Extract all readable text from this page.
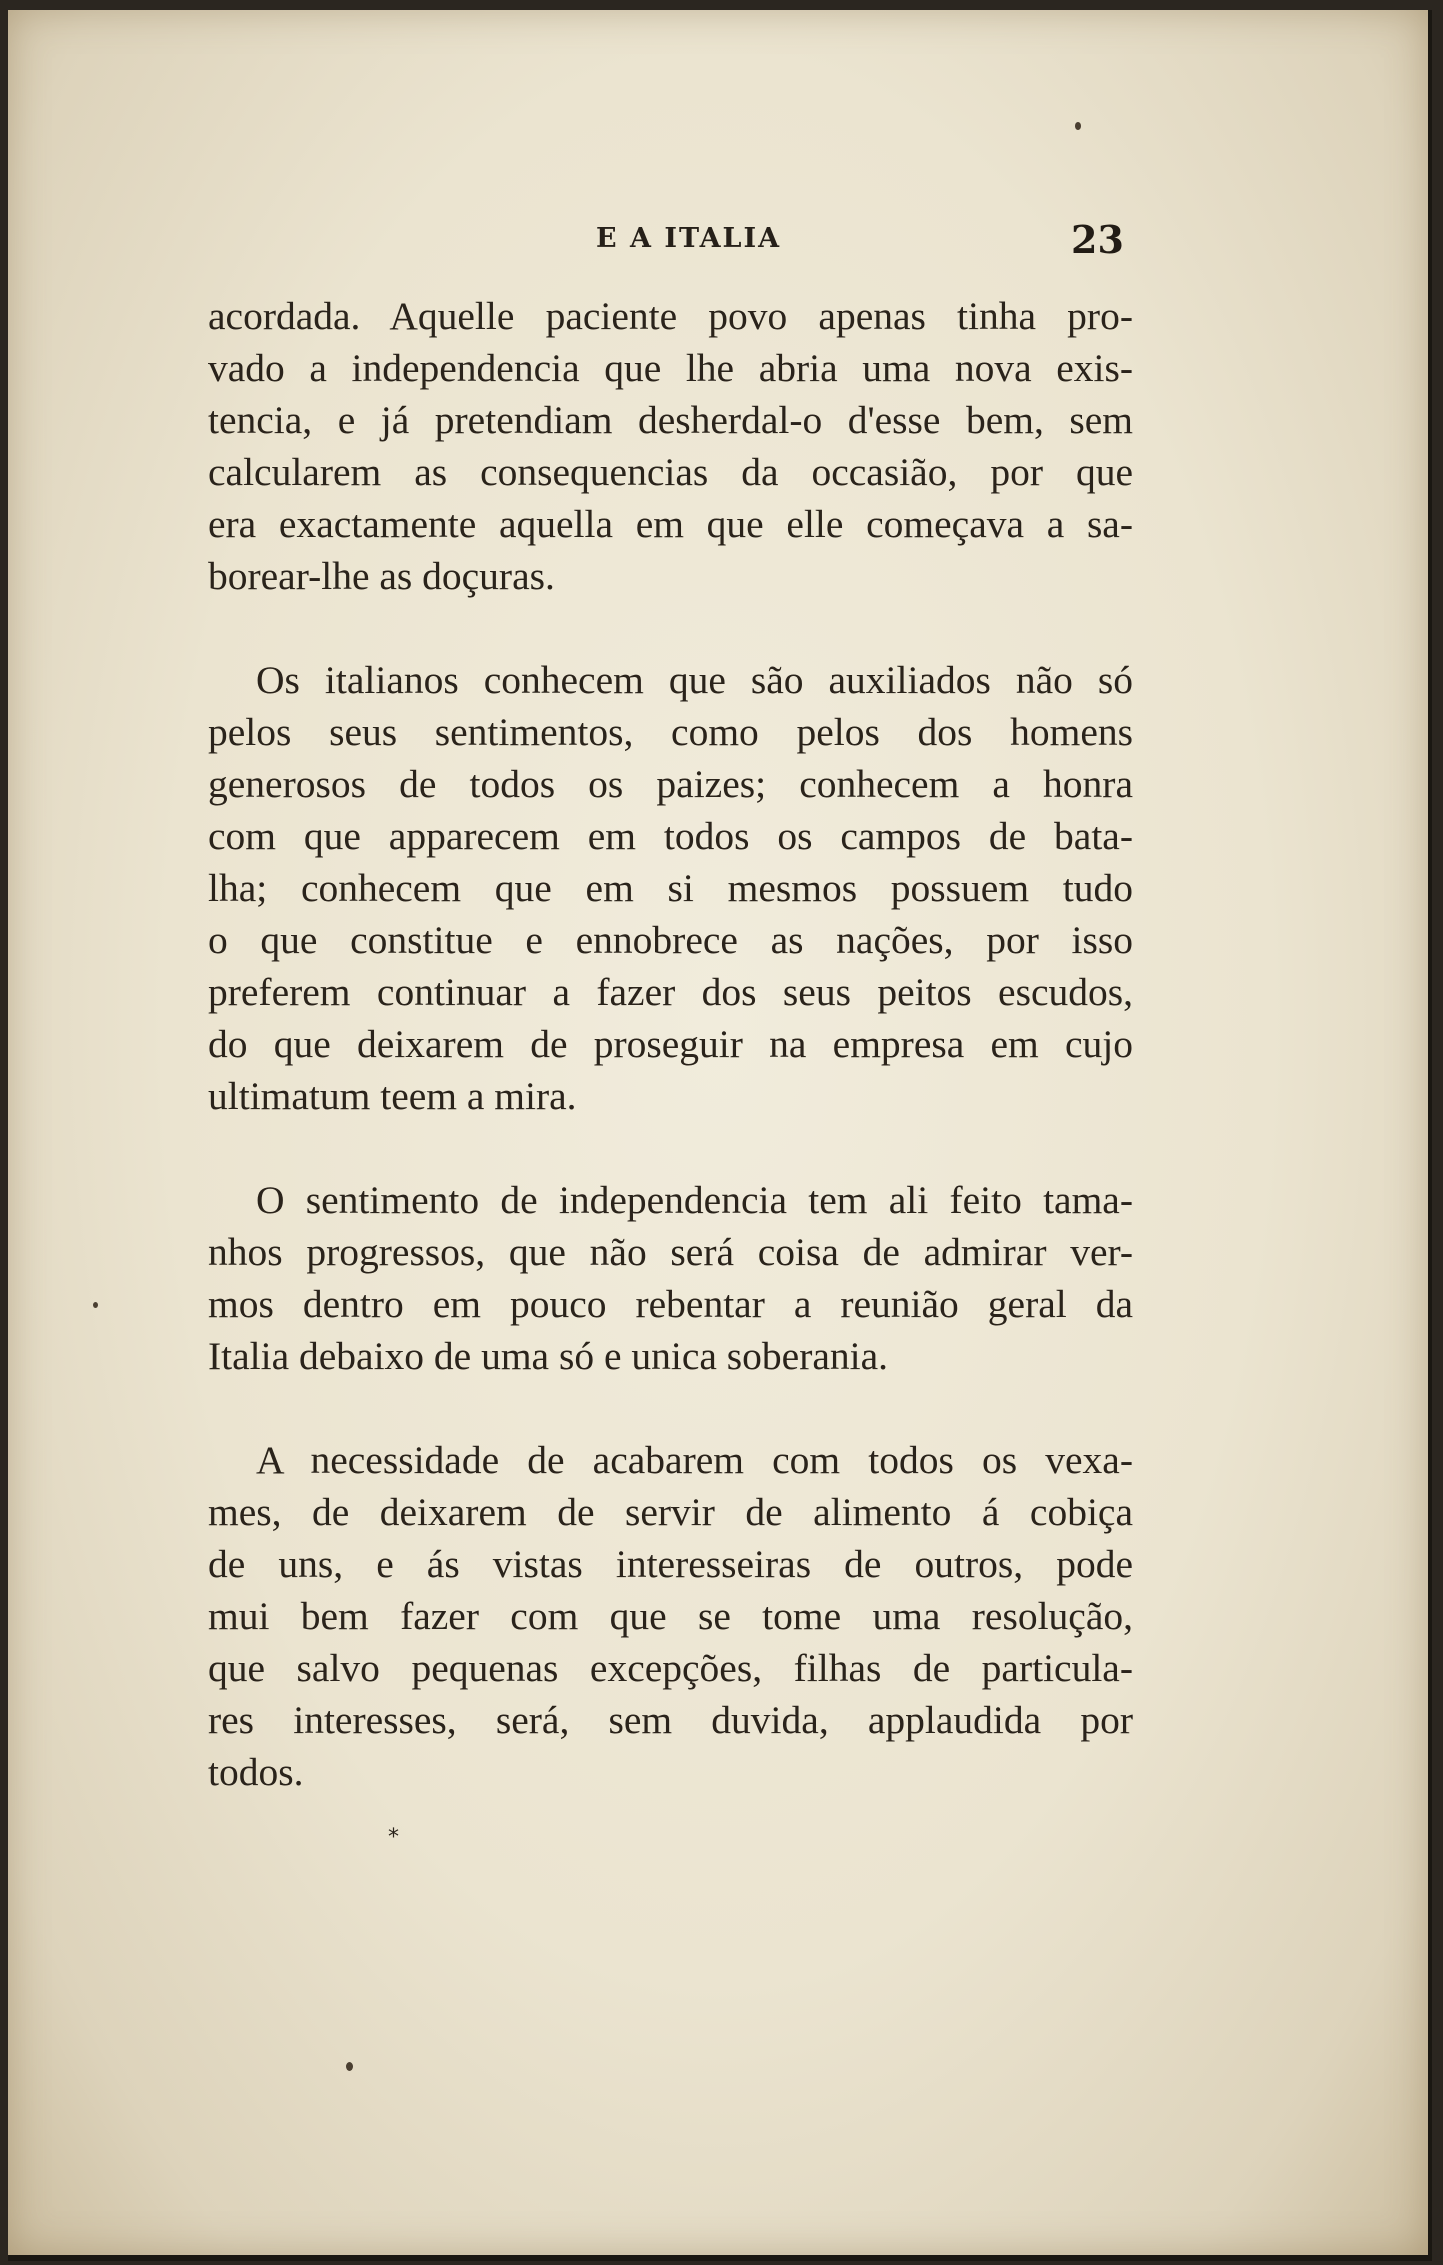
E A ITALIA	23

acordada. Aquelle paciente povo apenas tinha pro-
vado a independencia que lhe abria uma nova exis-
tencia, e já pretendiam desherdal-o d'esse bem, sem
calcularem as consequencias da occasião, por que
era exactamente aquella em que elle começava a sa-
borear-lhe as doçuras.

Os italianos conhecem que são auxiliados não só
pelos seus sentimentos, como pelos dos homens
generosos de todos os paizes; conhecem a honra
com que apparecem em todos os campos de bata-
lha; conhecem que em si mesmos possuem tudo
o que constitue e ennobrece as nações, por isso
preferem continuar a fazer dos seus peitos escudos,
do que deixarem de proseguir na empresa em cujo
ultimatum teem a mira.

O sentimento de independencia tem ali feito tama-
nhos progressos, que não será coisa de admirar ver-
mos dentro em pouco rebentar a reunião geral da
Italia debaixo de uma só e unica soberania.

A necessidade de acabarem com todos os vexa-
mes, de deixarem de servir de alimento á cobiça
de uns, e ás vistas interesseiras de outros, pode
mui bem fazer com que se tome uma resolução,
que salvo pequenas excepções, filhas de particula-
res interesses, será, sem duvida, applaudida por
todos.

*
